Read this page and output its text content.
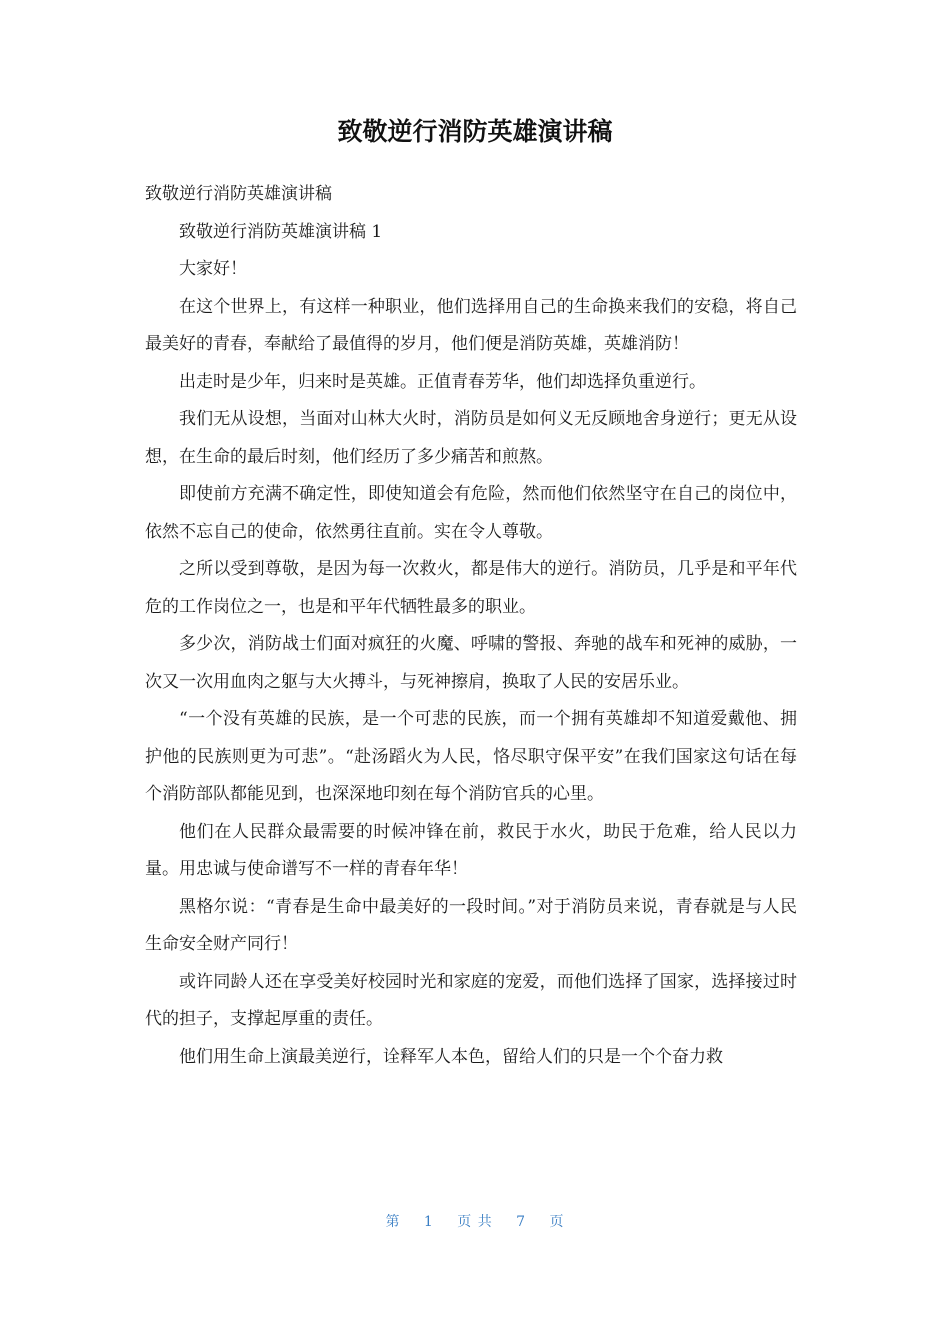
致敬逆行消防英雄演讲稿

致敬逆行消防英雄演讲稿

致敬逆行消防英雄演讲稿 1

大家好！

在这个世界上，有这样一种职业，他们选择用自己的生命换来我们的安稳，将自己最美好的青春，奉献给了最值得的岁月，他们便是消防英雄，英雄消防！

出走时是少年，归来时是英雄。正值青春芳华，他们却选择负重逆行。

我们无从设想，当面对山林大火时，消防员是如何义无反顾地舍身逆行；更无从设想，在生命的最后时刻，他们经历了多少痛苦和煎熬。

即使前方充满不确定性，即使知道会有危险，然而他们依然坚守在自己的岗位中，依然不忘自己的使命，依然勇往直前。实在令人尊敬。

之所以受到尊敬，是因为每一次救火，都是伟大的逆行。消防员，几乎是和平年代危的工作岗位之一，也是和平年代牺牲最多的职业。

多少次，消防战士们面对疯狂的火魔、呼啸的警报、奔驰的战车和死神的威胁，一次又一次用血肉之躯与大火搏斗，与死神擦肩，换取了人民的安居乐业。

“一个没有英雄的民族，是一个可悲的民族，而一个拥有英雄却不知道爱戴他、拥护他的民族则更为可悲”。“赴汤蹈火为人民，恪尽职守保平安”在我们国家这句话在每个消防部队都能见到，也深深地印刻在每个消防官兵的心里。

他们在人民群众最需要的时候冲锋在前，救民于水火，助民于危难，给人民以力量。用忠诚与使命谱写不一样的青春年华！

黑格尔说：“青春是生命中最美好的一段时间。”对于消防员来说，青春就是与人民生命安全财产同行！

或许同龄人还在享受美好校园时光和家庭的宠爱，而他们选择了国家，选择接过时代的担子，支撑起厚重的责任。

他们用生命上演最美逆行，诠释军人本色，留给人们的只是一个个奋力救

第 1 页 共 7 页
